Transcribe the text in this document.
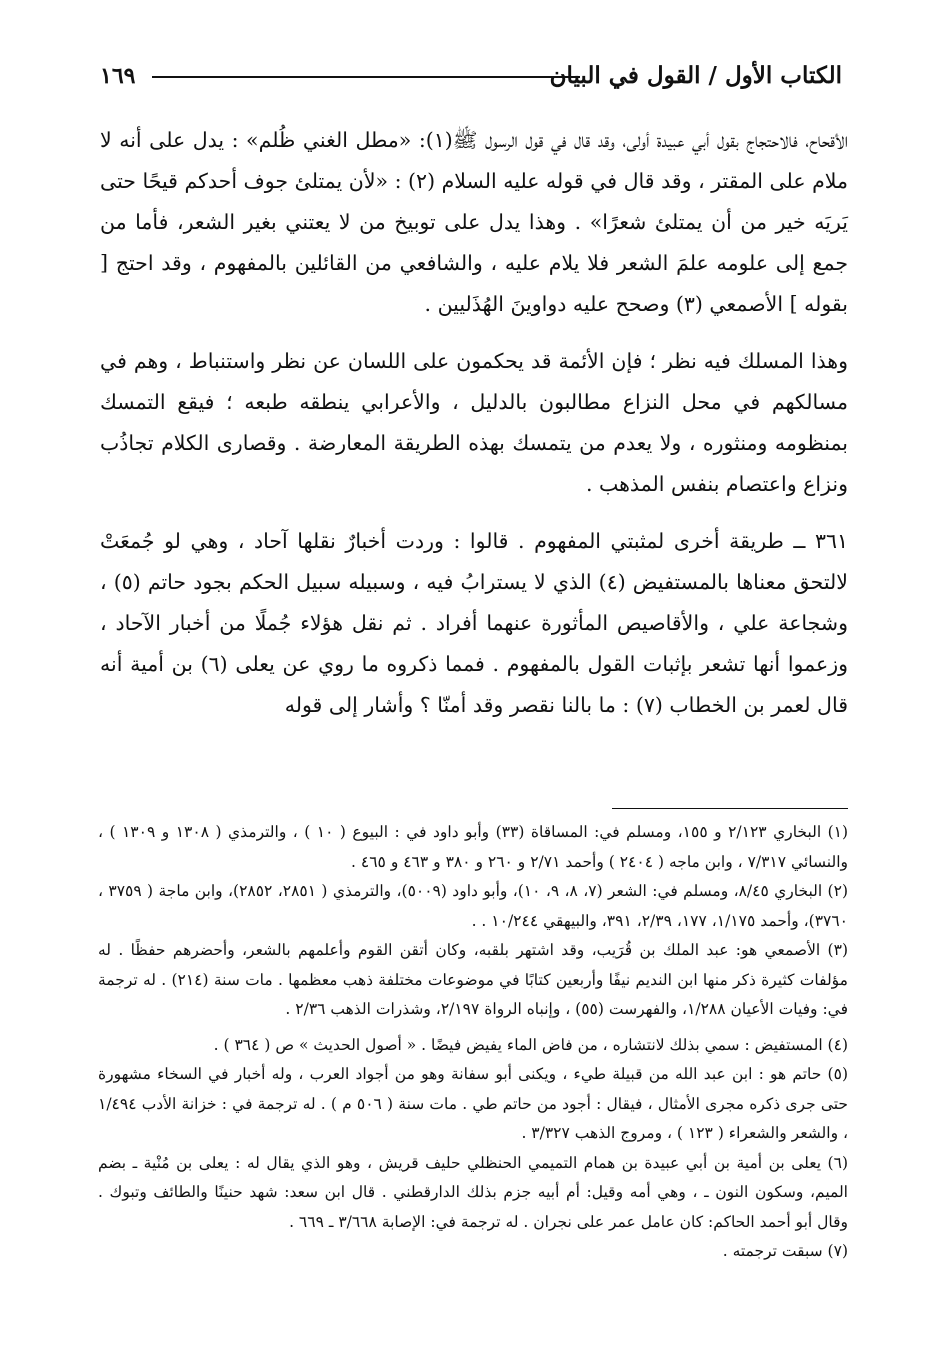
الكتاب الأول / القول في البيان
١٦٩

الأقحاح، فالاحتجاج بقول أبي عبيدة أولى، وقد قال في قول الرسول ﷺ(١): «مطل الغني ظُلم» : يدل على أنه لا ملام على المقتر ، وقد قال في قوله عليه السلام (٢) : «لأن يمتلئ جوف أحدكم قيحًا حتى يَريَه خير من أن يمتلئ شعرًا» . وهذا يدل على توبيخ من لا يعتني بغير الشعر، فأما من جمع إلى علومه علمَ الشعر فلا يلام عليه ، والشافعي من القائلين بالمفهوم ، وقد احتج [ بقوله ] الأصمعي (٣) وصحح عليه دواوينَ الهُذَليين .

وهذا المسلك فيه نظر ؛ فإن الأئمة قد يحكمون على اللسان عن نظر واستنباط ، وهم في مسالكهم في محل النزاع مطالبون بالدليل ، والأعرابي ينطقه طبعه ؛ فيقع التمسك بمنظومه ومنثوره ، ولا يعدم من يتمسك بهذه الطريقة المعارضة . وقصارى الكلام تجاذُب ونزاع واعتصام بنفس المذهب .

٣٦١ ــ طريقة أخرى لمثبتي المفهوم . قالوا : وردت أخبارٌ نقلها آحاد ، وهي لو جُمعَتْ لالتحق معناها بالمستفيض (٤) الذي لا يسترابُ فيه ، وسبيله سبيل الحكم بجود حاتم (٥) ، وشجاعة علي ، والأقاصيص المأثورة عنهما أفراد . ثم نقل هؤلاء جُملًا من أخبار الآحاد ، وزعموا أنها تشعر بإثبات القول بالمفهوم . فمما ذكروه ما روي عن يعلى (٦) بن أمية أنه قال لعمر بن الخطاب (٧) : ما بالنا نقصر وقد أمنّا ؟ وأشار إلى قوله

(١) البخاري ٢/١٢٣ و ١٥٥، ومسلم في: المساقاة (٣٣) وأبو داود في : البيوع ( ١٠ ) ، والترمذي ( ١٣٠٨ و ١٣٠٩ ) ، والنسائي ٧/٣١٧ ، وابن ماجه ( ٢٤٠٤ ) وأحمد ٢/٧١ و ٢٦٠ و ٣٨٠ و ٤٦٣ و ٤٦٥ .

(٢) البخاري ٨/٤٥، ومسلم في: الشعر (٧، ٨، ٩، ١٠)، وأبو داود (٥٠٠٩)، والترمذي ( ٢٨٥١، ٢٨٥٢)، وابن ماجة ( ٣٧٥٩ ، ٣٧٦٠)، وأحمد ١/١٧٥، ١٧٧، ٢/٣٩، ٣٩١، والبيهقي ١٠/٢٤٤ . .

(٣) الأصمعي هو: عبد الملك بن قُرَيب، وقد اشتهر بلقبه، وكان أتقن القوم وأعلمهم بالشعر، وأحضرهم حفظًا . له مؤلفات كثيرة ذكر منها ابن النديم نيفًا وأربعين كتابًا في موضوعات مختلفة ذهب معظمها . مات سنة (٢١٤) . له ترجمة في: وفيات الأعيان ١/٢٨٨، والفهرست (٥٥) ، وإنباه الرواة ٢/١٩٧، وشذرات الذهب ٢/٣٦ .

(٤) المستفيض : سمي بذلك لانتشاره ، من فاض الماء يفيض فيضًا . « أصول الحديث » ص ( ٣٦٤ ) .

(٥) حاتم هو : ابن عبد الله من قبيلة طيء ، ويكنى أبو سفانة وهو من أجواد العرب ، وله أخبار في السخاء مشهورة حتى جرى ذكره مجرى الأمثال ، فيقال : أجود من حاتم طي . مات سنة ( ٥٠٦ م ) . له ترجمة في : خزانة الأدب ١/٤٩٤ ، والشعر والشعراء ( ١٢٣ ) ، ومروج الذهب ٣/٣٢٧ .

(٦) يعلى بن أمية بن أبي عبيدة بن همام التميمي الحنظلي حليف قريش ، وهو الذي يقال له : يعلى بن مُنْية ـ بضم الميم، وسكون النون ـ ، وهي أمه وقيل: أم أبيه جزم بذلك الدارقطني . قال ابن سعد: شهد حنينًا والطائف وتبوك . وقال أبو أحمد الحاكم: كان عامل عمر على نجران . له ترجمة في: الإصابة ٣/٦٦٨ ـ ٦٦٩ .

(٧) سبقت ترجمته .
